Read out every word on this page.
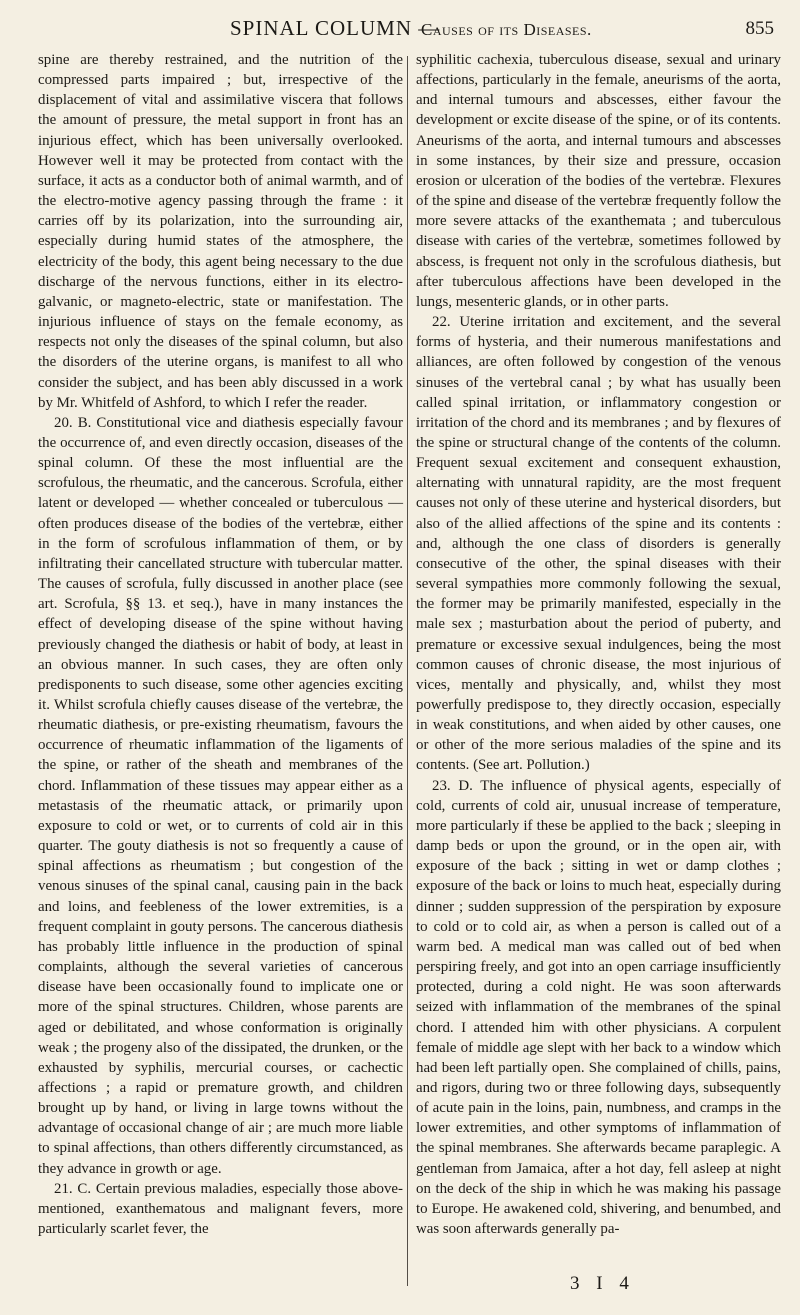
SPINAL COLUMN —
Causes of its Diseases.	855

spine are thereby restrained, and the nutrition of the compressed parts impaired ; but, irrespective of the displacement of vital and assimilative viscera that follows the amount of pressure, the metal support in front has an injurious effect, which has been universally overlooked. However well it may be protected from contact with the surface, it acts as a conductor both of animal warmth, and of the electro-motive agency passing through the frame : it carries off by its polarization, into the surrounding air, especially during humid states of the atmosphere, the electricity of the body, this agent being necessary to the due discharge of the nervous functions, either in its electro-galvanic, or magneto-electric, state or manifestation. The injurious influence of stays on the female economy, as respects not only the diseases of the spinal column, but also the disorders of the uterine organs, is manifest to all who consider the subject, and has been ably discussed in a work by Mr. Whitfeld of Ashford, to which I refer the reader.

20. B. Constitutional vice and diathesis especially favour the occurrence of, and even directly occasion, diseases of the spinal column. Of these the most influential are the scrofulous, the rheumatic, and the cancerous. Scrofula, either latent or developed — whether concealed or tuberculous — often produces disease of the bodies of the vertebræ, either in the form of scrofulous inflammation of them, or by infiltrating their cancellated structure with tubercular matter. The causes of scrofula, fully discussed in another place (see art. Scrofula, §§ 13. et seq.), have in many instances the effect of developing disease of the spine without having previously changed the diathesis or habit of body, at least in an obvious manner. In such cases, they are often only predisponents to such disease, some other agencies exciting it. Whilst scrofula chiefly causes disease of the vertebræ, the rheumatic diathesis, or pre-existing rheumatism, favours the occurrence of rheumatic inflammation of the ligaments of the spine, or rather of the sheath and membranes of the chord. Inflammation of these tissues may appear either as a metastasis of the rheumatic attack, or primarily upon exposure to cold or wet, or to currents of cold air in this quarter. The gouty diathesis is not so frequently a cause of spinal affections as rheumatism ; but congestion of the venous sinuses of the spinal canal, causing pain in the back and loins, and feebleness of the lower extremities, is a frequent complaint in gouty persons. The cancerous diathesis has probably little influence in the production of spinal complaints, although the several varieties of cancerous disease have been occasionally found to implicate one or more of the spinal structures. Children, whose parents are aged or debilitated, and whose conformation is originally weak ; the progeny also of the dissipated, the drunken, or the exhausted by syphilis, mercurial courses, or cachectic affections ; a rapid or premature growth, and children brought up by hand, or living in large towns without the advantage of occasional change of air ; are much more liable to spinal affections, than others differently circumstanced, as they advance in growth or age.

21. C. Certain previous maladies, especially those above-mentioned, exanthematous and malignant fevers, more particularly scarlet fever, the

syphilitic cachexia, tuberculous disease, sexual and urinary affections, particularly in the female, aneurisms of the aorta, and internal tumours and abscesses, either favour the development or excite disease of the spine, or of its contents. Aneurisms of the aorta, and internal tumours and abscesses in some instances, by their size and pressure, occasion erosion or ulceration of the bodies of the vertebræ. Flexures of the spine and disease of the vertebræ frequently follow the more severe attacks of the exanthemata ; and tuberculous disease with caries of the vertebræ, sometimes followed by abscess, is frequent not only in the scrofulous diathesis, but after tuberculous affections have been developed in the lungs, mesenteric glands, or in other parts.

22. Uterine irritation and excitement, and the several forms of hysteria, and their numerous manifestations and alliances, are often followed by congestion of the venous sinuses of the vertebral canal ; by what has usually been called spinal irritation, or inflammatory congestion or irritation of the chord and its membranes ; and by flexures of the spine or structural change of the contents of the column. Frequent sexual excitement and consequent exhaustion, alternating with unnatural rapidity, are the most frequent causes not only of these uterine and hysterical disorders, but also of the allied affections of the spine and its contents : and, although the one class of disorders is generally consecutive of the other, the spinal diseases with their several sympathies more commonly following the sexual, the former may be primarily manifested, especially in the male sex ; masturbation about the period of puberty, and premature or excessive sexual indulgences, being the most common causes of chronic disease, the most injurious of vices, mentally and physically, and, whilst they most powerfully predispose to, they directly occasion, especially in weak constitutions, and when aided by other causes, one or other of the more serious maladies of the spine and its contents. (See art. Pollution.)

23. D. The influence of physical agents, especially of cold, currents of cold air, unusual increase of temperature, more particularly if these be applied to the back ; sleeping in damp beds or upon the ground, or in the open air, with exposure of the back ; sitting in wet or damp clothes ; exposure of the back or loins to much heat, especially during dinner ; sudden suppression of the perspiration by exposure to cold or to cold air, as when a person is called out of a warm bed. A medical man was called out of bed when perspiring freely, and got into an open carriage insufficiently protected, during a cold night. He was soon afterwards seized with inflammation of the membranes of the spinal chord. I attended him with other physicians. A corpulent female of middle age slept with her back to a window which had been left partially open. She complained of chills, pains, and rigors, during two or three following days, subsequently of acute pain in the loins, pain, numbness, and cramps in the lower extremities, and other symptoms of inflammation of the spinal membranes. She afterwards became paraplegic. A gentleman from Jamaica, after a hot day, fell asleep at night on the deck of the ship in which he was making his passage to Europe. He awakened cold, shivering, and benumbed, and was soon afterwards generally pa-

3 I 4
